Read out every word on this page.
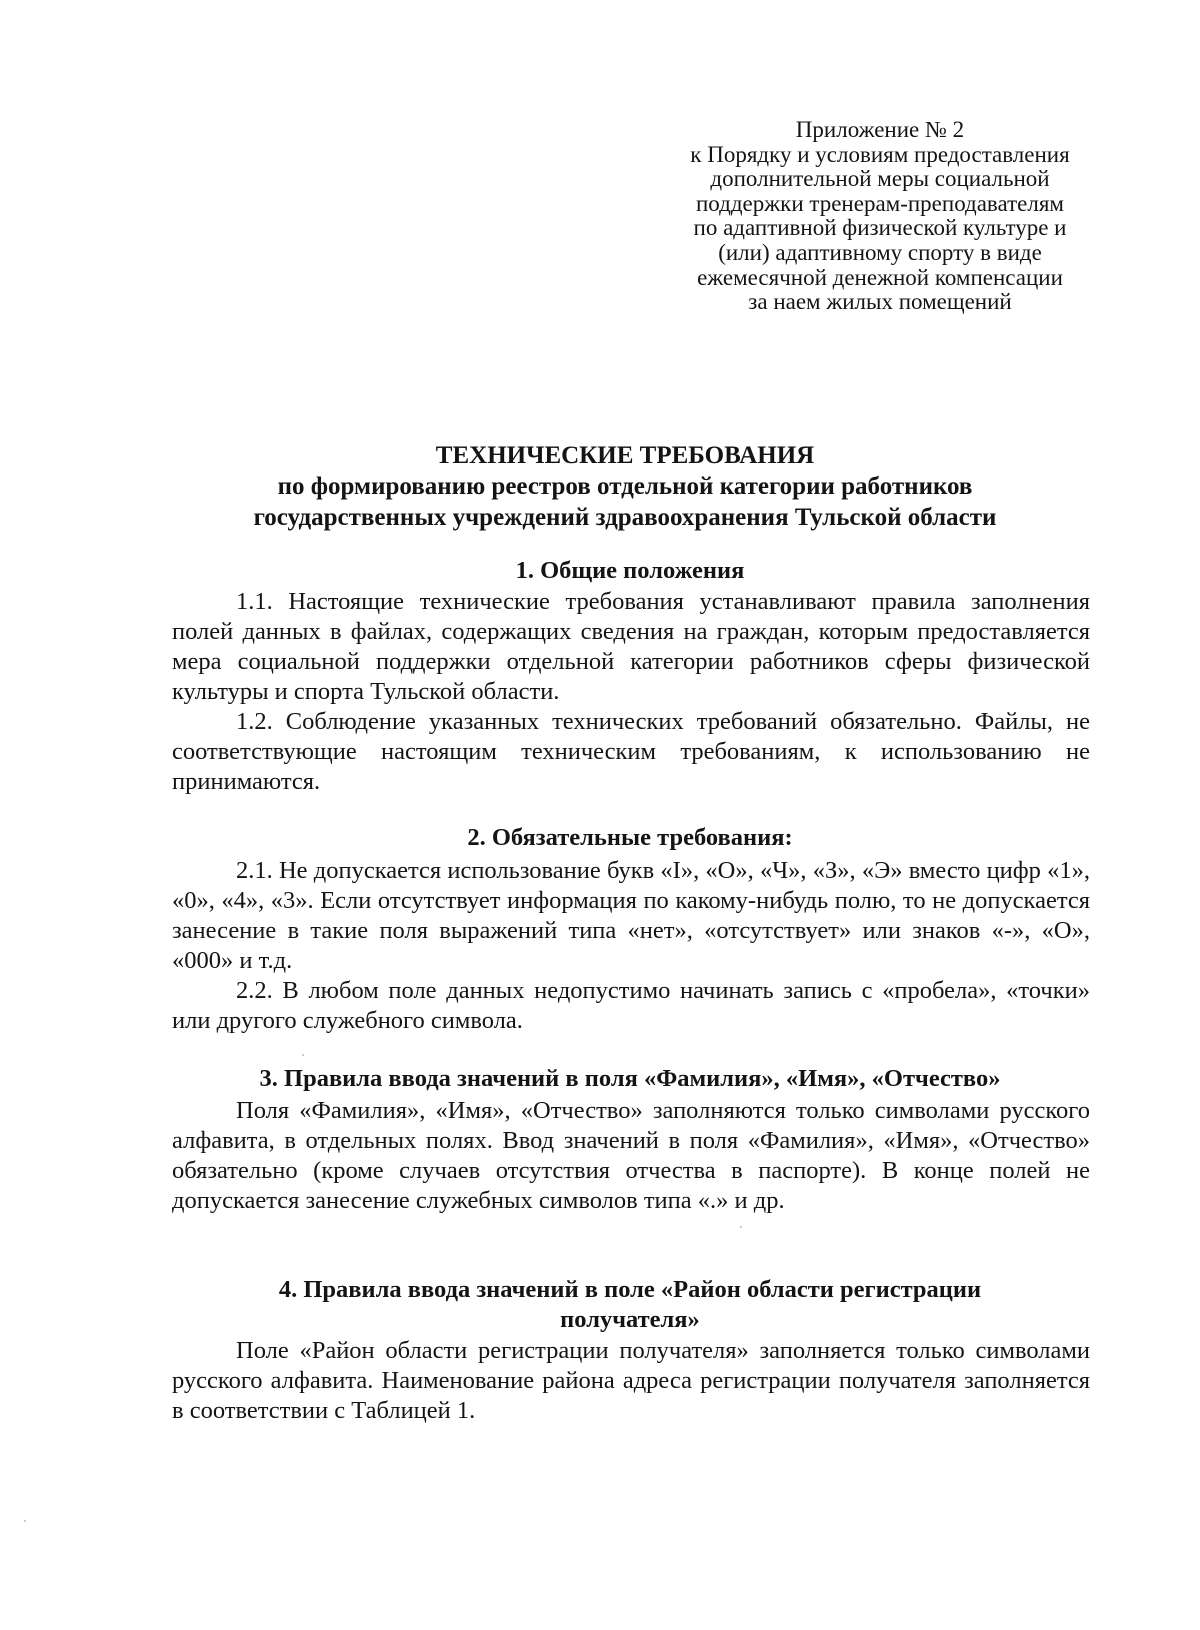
Приложение № 2
к Порядку и условиям предоставления
дополнительной меры социальной
поддержки тренерам-преподавателям
по адаптивной физической культуре и
(или) адаптивному спорту в виде
ежемесячной денежной компенсации
за наем жилых помещений
ТЕХНИЧЕСКИЕ ТРЕБОВАНИЯ
по формированию реестров отдельной категории работников
государственных учреждений здравоохранения Тульской области
1. Общие положения

1.1. Настоящие технические требования устанавливают правила заполнения полей данных в файлах, содержащих сведения на граждан, которым предоставляется мера социальной поддержки отдельной категории работников сферы физической культуры и спорта Тульской области.

1.2. Соблюдение указанных технических требований обязательно. Файлы, не соответствующие настоящим техническим требованиям, к использованию не принимаются.

2. Обязательные требования:

2.1. Не допускается использование букв «I», «О», «Ч», «З», «Э» вместо цифр «1», «0», «4», «3». Если отсутствует информация по какому-нибудь полю, то не допускается занесение в такие поля выражений типа «нет», «отсутствует» или знаков «-», «О», «000» и т.д.

2.2. В любом поле данных недопустимо начинать запись с «пробела», «точки» или другого служебного символа.

3. Правила ввода значений в поля «Фамилия», «Имя», «Отчество»

Поля «Фамилия», «Имя», «Отчество» заполняются только символами русского алфавита, в отдельных полях. Ввод значений в поля «Фамилия», «Имя», «Отчество» обязательно (кроме случаев отсутствия отчества в паспорте). В конце полей не допускается занесение служебных символов типа «.» и др.

4. Правила ввода значений в поле «Район области регистрации
получателя»

Поле «Район области регистрации получателя» заполняется только символами русского алфавита. Наименование района адреса регистрации получателя заполняется в соответствии с Таблицей 1.
